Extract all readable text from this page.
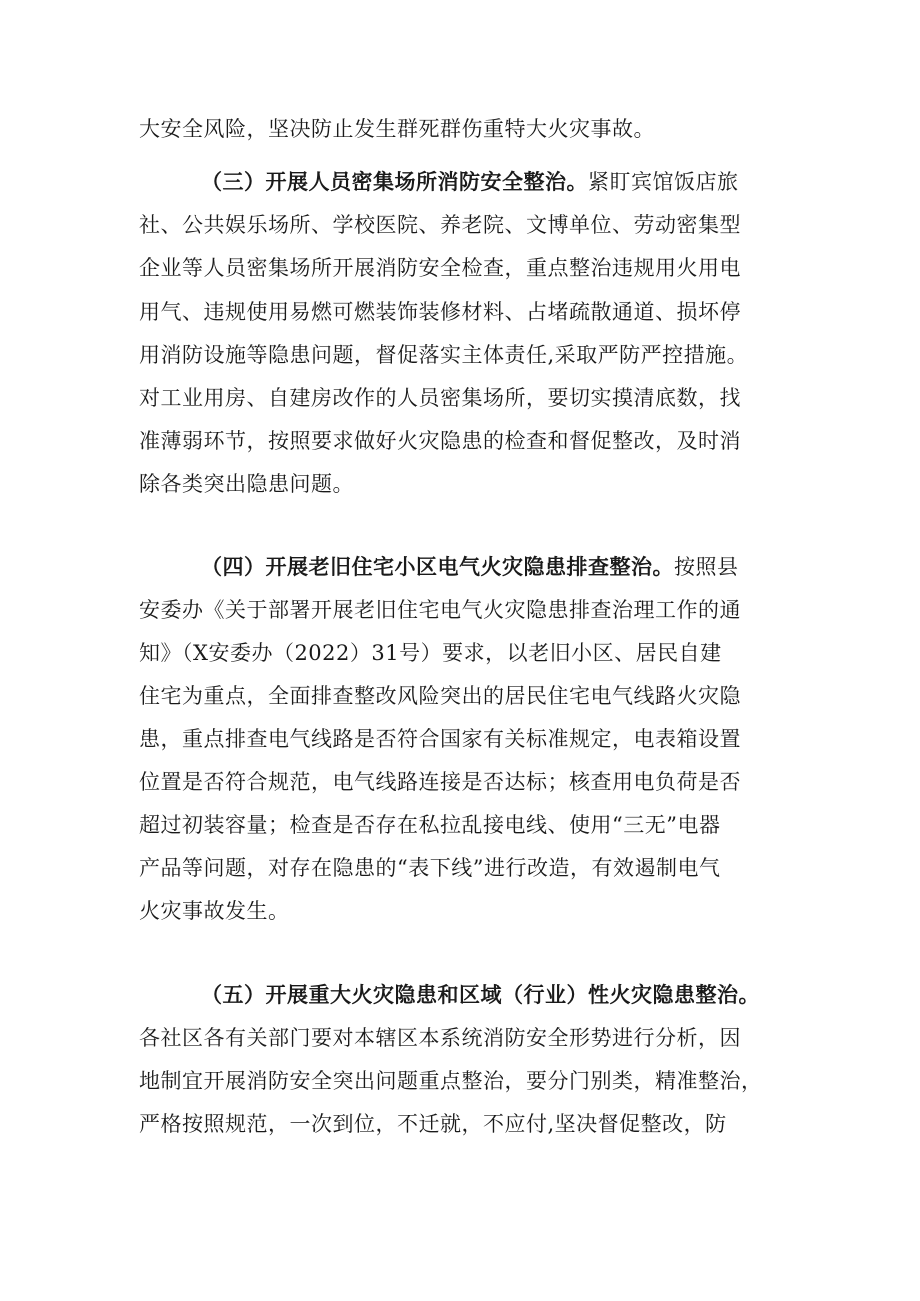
大安全风险，坚决防止发生群死群伤重特大火灾事故。
（三）开展人员密集场所消防安全整治。紧盯宾馆饭店旅
社、公共娱乐场所、学校医院、养老院、文博单位、劳动密集型
企业等人员密集场所开展消防安全检查，重点整治违规用火用电
用气、违规使用易燃可燃装饰装修材料、占堵疏散通道、损坏停
用消防设施等隐患问题，督促落实主体责任,采取严防严控措施。
对工业用房、自建房改作的人员密集场所，要切实摸清底数，找
准薄弱环节，按照要求做好火灾隐患的检查和督促整改，及时消
除各类突出隐患问题。
（四）开展老旧住宅小区电气火灾隐患排查整治。按照县
安委办《关于部署开展老旧住宅电气火灾隐患排查治理工作的通
知》（X安委办（2022）31号）要求，以老旧小区、居民自建
住宅为重点，全面排查整改风险突出的居民住宅电气线路火灾隐
患，重点排查电气线路是否符合国家有关标准规定，电表箱设置
位置是否符合规范，电气线路连接是否达标；核查用电负荷是否
超过初装容量；检查是否存在私拉乱接电线、使用“三无”电器
产品等问题，对存在隐患的“表下线”进行改造，有效遏制电气
火灾事故发生。
（五）开展重大火灾隐患和区域（行业）性火灾隐患整治。
各社区各有关部门要对本辖区本系统消防安全形势进行分析，因
地制宜开展消防安全突出问题重点整治，要分门别类，精准整治，
严格按照规范，一次到位，不迁就，不应付,坚决督促整改，防
